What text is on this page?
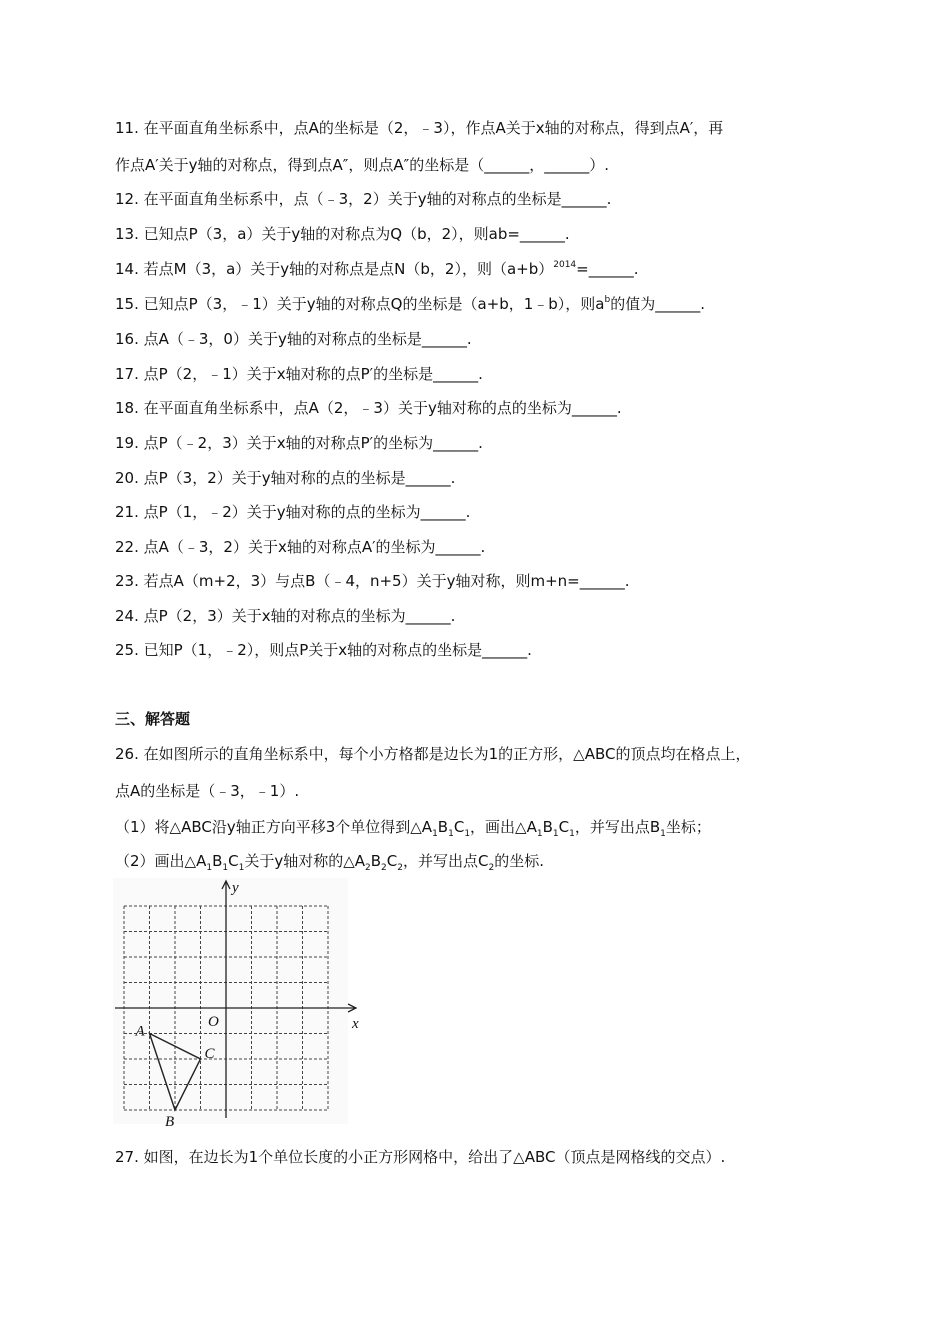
11. 在平面直角坐标系中，点A的坐标是（2，﹣3），作点A关于x轴的对称点，得到点A′，再
作点A′关于y轴的对称点，得到点A″，则点A″的坐标是（______，______）.
12. 在平面直角坐标系中，点（﹣3，2）关于y轴的对称点的坐标是______.
13. 已知点P（3，a）关于y轴的对称点为Q（b，2），则ab=______.
14. 若点M（3，a）关于y轴的对称点是点N（b，2），则$(a+b)^{2014}=\_\_\_\_\_\_$.
15. 已知点P（3，﹣1）关于y轴的对称点Q的坐标是（a+b，1﹣b），则$a^b$的值为______.
16. 点A（﹣3，0）关于y轴的对称点的坐标是______.
17. 点P（2，﹣1）关于x轴对称的点P′的坐标是______.
18. 在平面直角坐标系中，点A（2，﹣3）关于y轴对称的点的坐标为______.
19. 点P（﹣2，3）关于x轴的对称点P′的坐标为______.
20. 点P（3，2）关于y轴对称的点的坐标是______.
21. 点P（1，﹣2）关于y轴对称的点的坐标为______.
22. 点A（﹣3，2）关于x轴的对称点A′的坐标为______.
23. 若点A（m+2，3）与点B（﹣4，n+5）关于y轴对称，则m+n=______.
24. 点P（2，3）关于x轴的对称点的坐标为______.
25. 已知P（1，﹣2），则点P关于x轴的对称点的坐标是______.
三、解答题
26. 在如图所示的直角坐标系中，每个小方格都是边长为1的正方形，△ABC的顶点均在格点上，
点A的坐标是（﹣3，﹣1）.
（1）将△ABC沿y轴正方向平移3个单位得到$\triangle A_1B_1C_1$，画出$\triangle A_1B_1C_1$，并写出点$B_1$坐标；
（2）画出$\triangle A_1B_1C_1$关于y轴对称的$\triangle A_2B_2C_2$，并写出点$C_2$的坐标.
y
x
O
A
B
C
27. 如图，在边长为1个单位长度的小正方形网格中，给出了△ABC（顶点是网格线的交点）.
